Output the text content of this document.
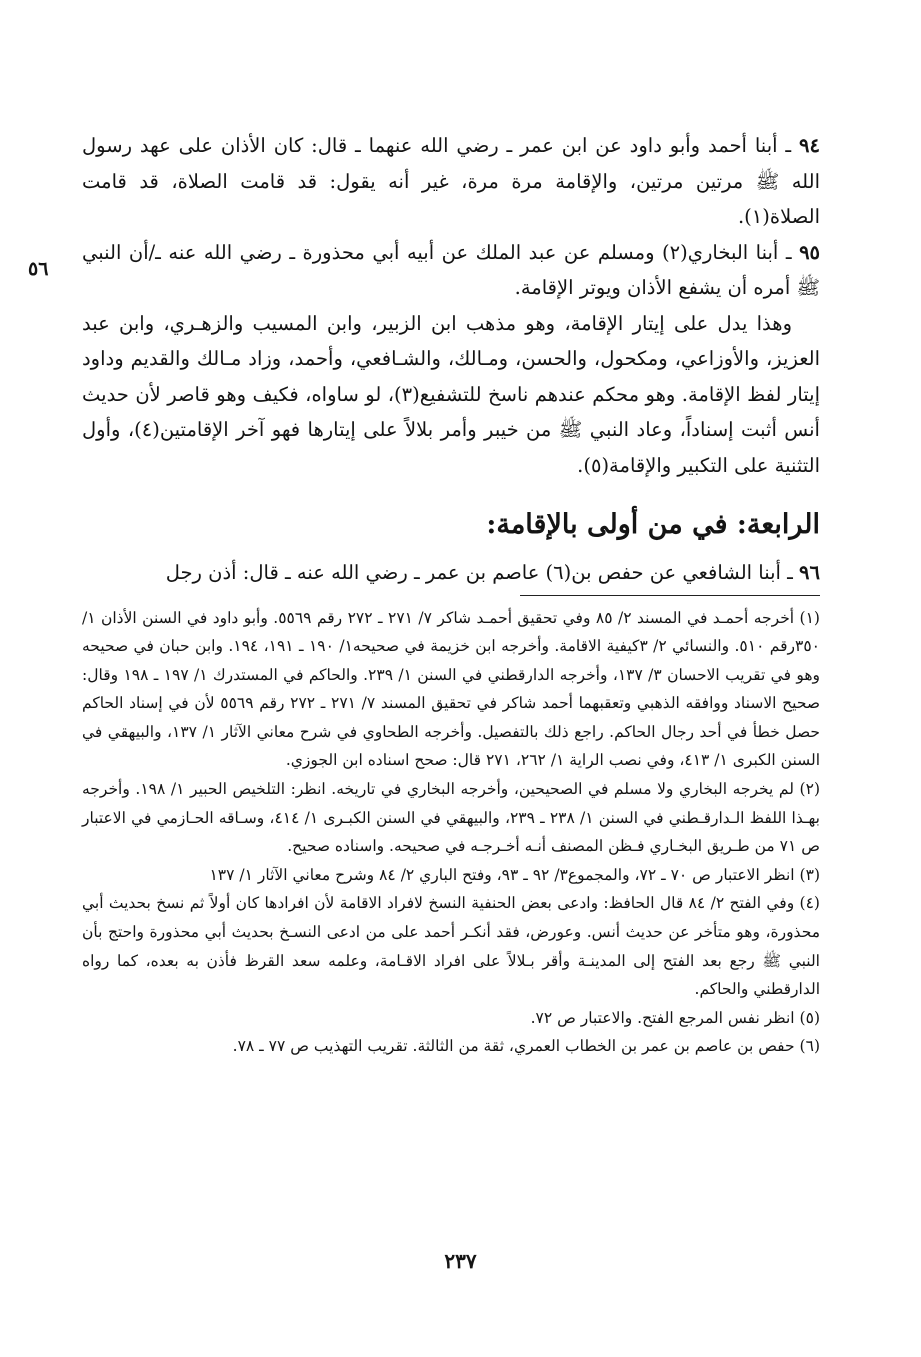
٥٦

٩٤ ـ أبنا أحمد وأبو داود عن ابن عمر ـ رضي الله عنهما ـ قال: كان الأذان على عهد رسول الله ﷺ مرتين مرتين، والإقامة مرة مرة، غير أنه يقول: قد قامت الصلاة، قد قامت الصلاة(١).

٩٥ ـ أبنا البخاري(٢) ومسلم عن عبد الملك عن أبيه أبي محذورة ـ رضي الله عنه ـ/أن النبي ﷺ أمره أن يشفع الأذان ويوتر الإقامة.

وهذا يدل على إيتار الإقامة، وهو مذهب ابن الزبير، وابن المسيب والزهـري، وابن عبد العزيز، والأوزاعي، ومكحول، والحسن، ومـالك، والشـافعي، وأحمد، وزاد مـالك والقديم وداود إيتار لفظ الإقامة. وهو محكم عندهم ناسخ للتشفيع(٣)، لو ساواه، فكيف وهو قاصر لأن حديث أنس أثبت إسناداً، وعاد النبي ﷺ من خيبر وأمر بلالاً على إيتارها فهو آخر الإقامتين(٤)، وأول التثنية على التكبير والإقامة(٥).

الرابعة: في من أولى بالإقامة:

٩٦ ـ أبنا الشافعي عن حفص بن(٦) عاصم بن عمر ـ رضي الله عنه ـ قال: أذن رجل

(١) أخرجه أحمـد في المسند ٢/ ٨٥ وفي تحقيق أحمـد شاكر ٧/ ٢٧١ ـ ٢٧٢ رقم ٥٥٦٩. وأبو داود في السنن الأذان ١/ ٣٥٠رقم ٥١٠. والنسائي ٢/ ٣كيفية الاقامة. وأخرجه ابن خزيمة في صحيحه١/ ١٩٠ ـ ١٩١، ١٩٤. وابن حبان في صحيحه وهو في تقريب الاحسان ٣/ ١٣٧، وأخرجه الدارقطني في السنن ١/ ٢٣٩. والحاكم في المستدرك ١/ ١٩٧ ـ ١٩٨ وقال: صحيح الاسناد ووافقه الذهبي وتعقبهما أحمد شاكر في تحقيق المسند ٧/ ٢٧١ ـ ٢٧٢ رقم ٥٥٦٩ لأن في إسناد الحاكم حصل خطأ في أحد رجال الحاكم. راجع ذلك بالتفصيل. وأخرجه الطحاوي في شرح معاني الآثار ١/ ١٣٧، والبيهقي في السنن الكبرى ١/ ٤١٣، وفي نصب الراية ١/ ٢٦٢، ٢٧١ قال: صحح اسناده ابن الجوزي.

(٢) لم يخرجه البخاري ولا مسلم في الصحيحين، وأخرجه البخاري في تاريخه. انظر: التلخيص الحبير ١/ ١٩٨. وأخرجه بهـذا اللفظ الـدارقـطني في السنن ١/ ٢٣٨ ـ ٢٣٩، والبيهقي في السنن الكبـرى ١/ ٤١٤، وسـاقه الحـازمي في الاعتبار ص ٧١ من طـريق البخـاري فـظن المصنف أنـه أخـرجـه في صحيحه. واسناده صحيح.

(٣) انظر الاعتبار ص ٧٠ ـ ٧٢، والمجموع٣/ ٩٢ ـ ٩٣، وفتح الباري ٢/ ٨٤ وشرح معاني الآثار ١/ ١٣٧

(٤) وفي الفتح ٢/ ٨٤ قال الحافظ: وادعى بعض الحنفية النسخ لافراد الاقامة لأن افرادها كان أولاً ثم نسخ بحديث أبي محذورة، وهو متأخر عن حديث أنس. وعورض، فقد أنكـر أحمد على من ادعى النسـخ بحديث أبي محذورة واحتج بأن النبي ﷺ رجع بعد الفتح إلى المدينـة وأقر بـلالاً على افراد الاقـامة، وعلمه سعد القرظ فأذن به بعده، كما رواه الدارقطني والحاكم.

(٥) انظر نفس المرجع الفتح. والاعتبار ص ٧٢.

(٦) حفص بن عاصم بن عمر بن الخطاب العمري، ثقة من الثالثة. تقريب التهذيب ص ٧٧ ـ ٧٨.

٢٣٧
